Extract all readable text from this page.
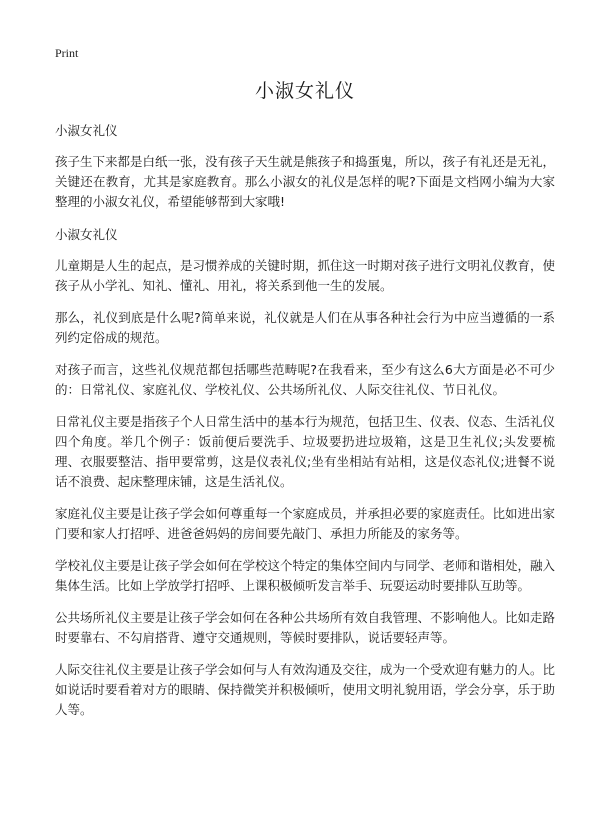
Print
小淑女礼仪

小淑女礼仪

孩子生下来都是白纸一张，没有孩子天生就是熊孩子和捣蛋鬼，所以，孩子有礼还是无礼，关键还在教育，尤其是家庭教育。那么小淑女的礼仪是怎样的呢?下面是文档网小编为大家整理的小淑女礼仪，希望能够帮到大家哦!

小淑女礼仪

儿童期是人生的起点，是习惯养成的关键时期，抓住这一时期对孩子进行文明礼仪教育，使孩子从小学礼、知礼、懂礼、用礼，将关系到他一生的发展。

那么，礼仪到底是什么呢?简单来说，礼仪就是人们在从事各种社会行为中应当遵循的一系列约定俗成的规范。

对孩子而言，这些礼仪规范都包括哪些范畴呢?在我看来，至少有这么6大方面是必不可少的：日常礼仪、家庭礼仪、学校礼仪、公共场所礼仪、人际交往礼仪、节日礼仪。

日常礼仪主要是指孩子个人日常生活中的基本行为规范，包括卫生、仪表、仪态、生活礼仪四个角度。举几个例子：饭前便后要洗手、垃圾要扔进垃圾箱，这是卫生礼仪;头发要梳理、衣服要整洁、指甲要常剪，这是仪表礼仪;坐有坐相站有站相，这是仪态礼仪;进餐不说话不浪费、起床整理床铺，这是生活礼仪。

家庭礼仪主要是让孩子学会如何尊重每一个家庭成员，并承担必要的家庭责任。比如进出家门要和家人打招呼、进爸爸妈妈的房间要先敲门、承担力所能及的家务等。

学校礼仪主要是让孩子学会如何在学校这个特定的集体空间内与同学、老师和谐相处，融入集体生活。比如上学放学打招呼、上课积极倾听发言举手、玩耍运动时要排队互助等。

公共场所礼仪主要是让孩子学会如何在各种公共场所有效自我管理、不影响他人。比如走路时要靠右、不勾肩搭背、遵守交通规则，等候时要排队，说话要轻声等。

人际交往礼仪主要是让孩子学会如何与人有效沟通及交往，成为一个受欢迎有魅力的人。比如说话时要看着对方的眼睛、保持微笑并积极倾听，使用文明礼貌用语，学会分享，乐于助人等。
